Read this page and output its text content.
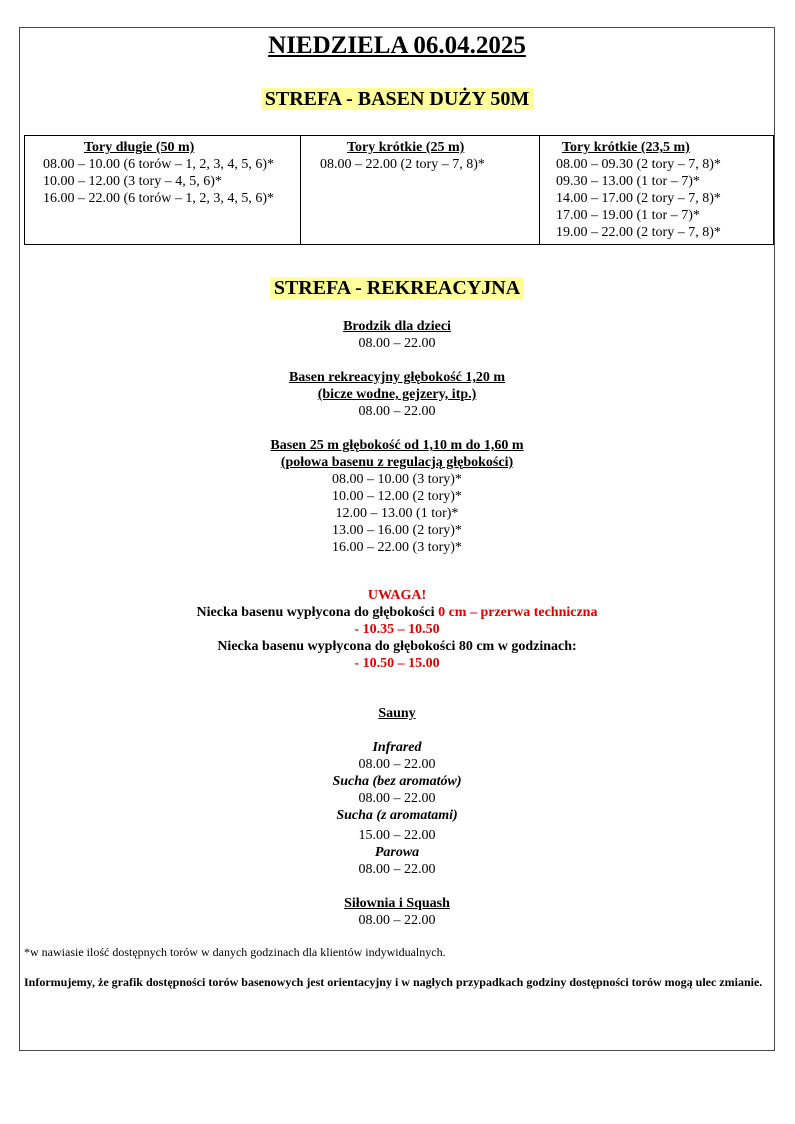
NIEDZIELA 06.04.2025
STREFA - BASEN DUŻY 50M
Tory długie (50 m)
08.00 – 10.00 (6 torów – 1, 2, 3, 4, 5, 6)*
10.00 – 12.00 (3 tory – 4, 5, 6)*
16.00 – 22.00 (6 torów – 1, 2, 3, 4, 5, 6)*

Tory krótkie (25 m)
08.00 – 22.00 (2 tory – 7, 8)*

Tory krótkie (23,5 m)
08.00 – 09.30 (2 tory – 7, 8)*
09.30 – 13.00 (1 tor – 7)*
14.00 – 17.00 (2 tory – 7, 8)*
17.00 – 19.00 (1 tor – 7)*
19.00 – 22.00 (2 tory – 7, 8)*
STREFA - REKREACYJNA
Brodzik dla dzieci
08.00 – 22.00
Basen rekreacyjny głębokość 1,20 m
(bicze wodne, gejzery, itp.)
08.00 – 22.00
Basen 25 m głębokość od 1,10 m do 1,60 m
(połowa basenu z regulacją głębokości)
08.00 – 10.00 (3 tory)*
10.00 – 12.00 (2 tory)*
12.00 – 13.00 (1 tor)*
13.00 – 16.00 (2 tory)*
16.00 – 22.00 (3 tory)*
UWAGA!
Niecka basenu wypłycona do głębokości 0 cm – przerwa techniczna
- 10.35 – 10.50
Niecka basenu wypłycona do głębokości 80 cm w godzinach:
- 10.50 – 15.00
Sauny
Infrared
08.00 – 22.00
Sucha (bez aromatów)
08.00 – 22.00
Sucha (z aromatami)
15.00 – 22.00
Parowa
08.00 – 22.00
Siłownia i Squash
08.00 – 22.00
*w nawiasie ilość dostępnych torów w danych godzinach dla klientów indywidualnych.
Informujemy, że grafik dostępności torów basenowych jest orientacyjny i w nagłych przypadkach godziny dostępności torów mogą ulec zmianie.
